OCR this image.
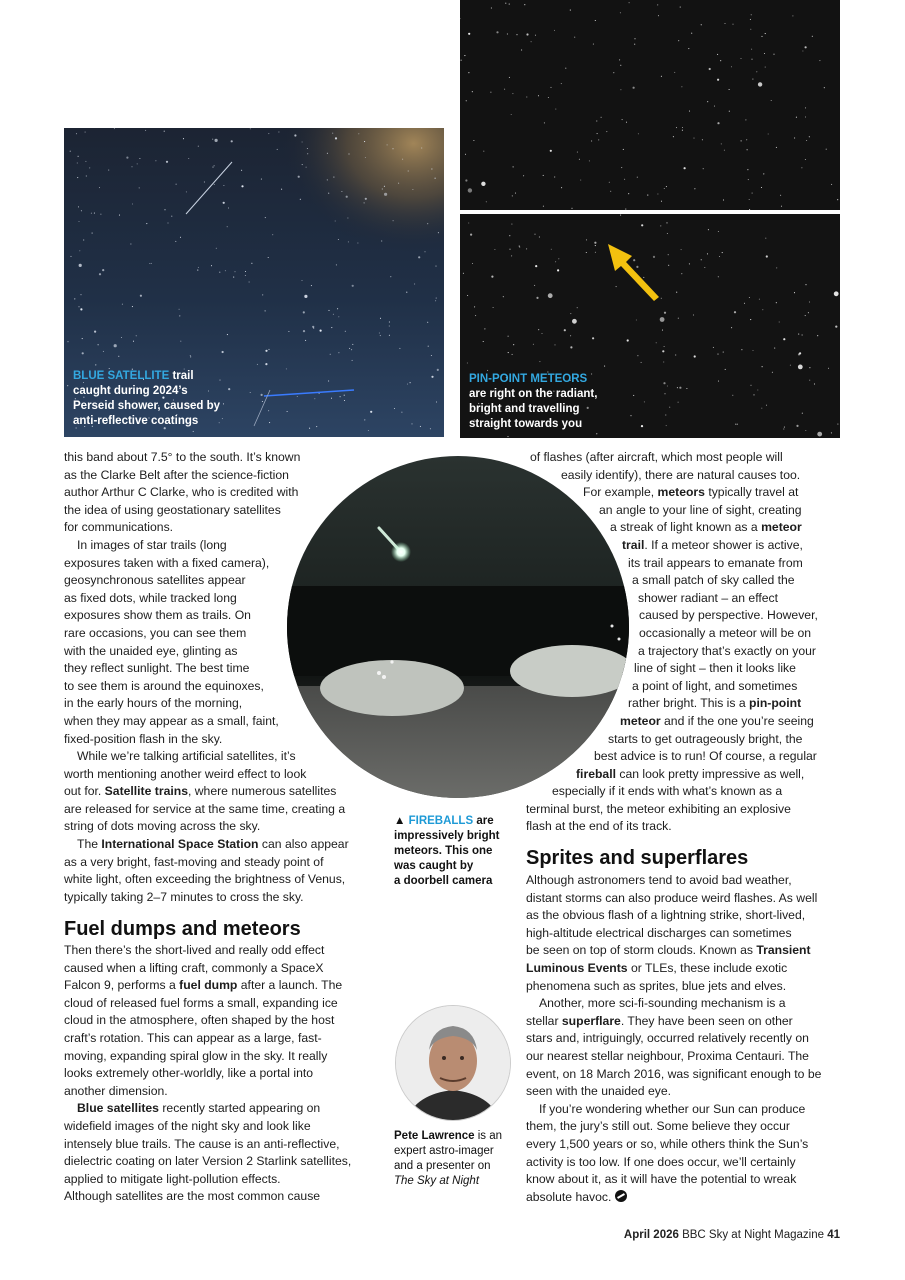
BLUE SATELLITE trail
caught during 2024’s
Perseid shower, caused by
anti-reflective coatings
PIN-POINT METEORS
are right on the radiant,
bright and travelling
straight towards you

this band about 7.5° to the south. It’s known
as the Clarke Belt after the science-fiction
author Arthur C Clarke, who is credited with
the idea of using geostationary satellites
for communications.

In images of star trails (long
exposures taken with a fixed camera),
geosynchronous satellites appear
as fixed dots, while tracked long
exposures show them as trails. On
rare occasions, you can see them
with the unaided eye, glinting as
they reflect sunlight. The best time
to see them is around the equinoxes,
in the early hours of the morning,
when they may appear as a small, faint,
fixed-position flash in the sky.

While we’re talking artificial satellites, it’s
worth mentioning another weird effect to look
out for. Satellite trains, where numerous satellites
are released for service at the same time, creating a
string of dots moving across the sky.

The International Space Station can also appear
as a very bright, fast-moving and steady point of
white light, often exceeding the brightness of Venus,
typically taking 2–7 minutes to cross the sky.

Fuel dumps and meteors

Then there’s the short-lived and really odd effect
caused when a lifting craft, commonly a SpaceX
Falcon 9, performs a fuel dump after a launch. The
cloud of released fuel forms a small, expanding ice
cloud in the atmosphere, often shaped by the host
craft’s rotation. This can appear as a large, fast-
moving, expanding spiral glow in the sky. It really
looks extremely other-worldly, like a portal into
another dimension.

Blue satellites recently started appearing on
widefield images of the night sky and look like
intensely blue trails. The cause is an anti-reflective,
dielectric coating on later Version 2 Starlink satellites,
applied to mitigate light-pollution effects.
Although satellites are the most common cause

▲ FIREBALLS are
impressively bright
meteors. This one
was caught by
a doorbell camera
of flashes (after aircraft, which most people will
easily identify), there are natural causes too.
For example, meteors typically travel at
an angle to your line of sight, creating
a streak of light known as a meteor
trail. If a meteor shower is active,
its trail appears to emanate from
a small patch of sky called the
shower radiant – an effect
caused by perspective. However,
occasionally a meteor will be on
a trajectory that’s exactly on your
line of sight – then it looks like
a point of light, and sometimes
rather bright. This is a pin-point
meteor and if the one you’re seeing
starts to get outrageously bright, the
best advice is to run! Of course, a regular
fireball can look pretty impressive as well,
especially if it ends with what’s known as a
terminal burst, the meteor exhibiting an explosive
flash at the end of its track.
Sprites and superflares

Although astronomers tend to avoid bad weather,
distant storms can also produce weird flashes. As well
as the obvious flash of a lightning strike, short-lived,
high-altitude electrical discharges can sometimes
be seen on top of storm clouds. Known as Transient
Luminous Events or TLEs, these include exotic
phenomena such as sprites, blue jets and elves.

Another, more sci-fi-sounding mechanism is a
stellar superflare. They have been seen on other
stars and, intriguingly, occurred relatively recently on
our nearest stellar neighbour, Proxima Centauri. The
event, on 18 March 2016, was significant enough to be
seen with the unaided eye.

If you’re wondering whether our Sun can produce
them, the jury’s still out. Some believe they occur
every 1,500 years or so, while others think the Sun’s
activity is too low. If one does occur, we’ll certainly
know about it, as it will have the potential to wreak
absolute havoc.

Pete Lawrence is an expert astro-imager and a presenter on The Sky at Night
April 2026 BBC Sky at Night Magazine 41
